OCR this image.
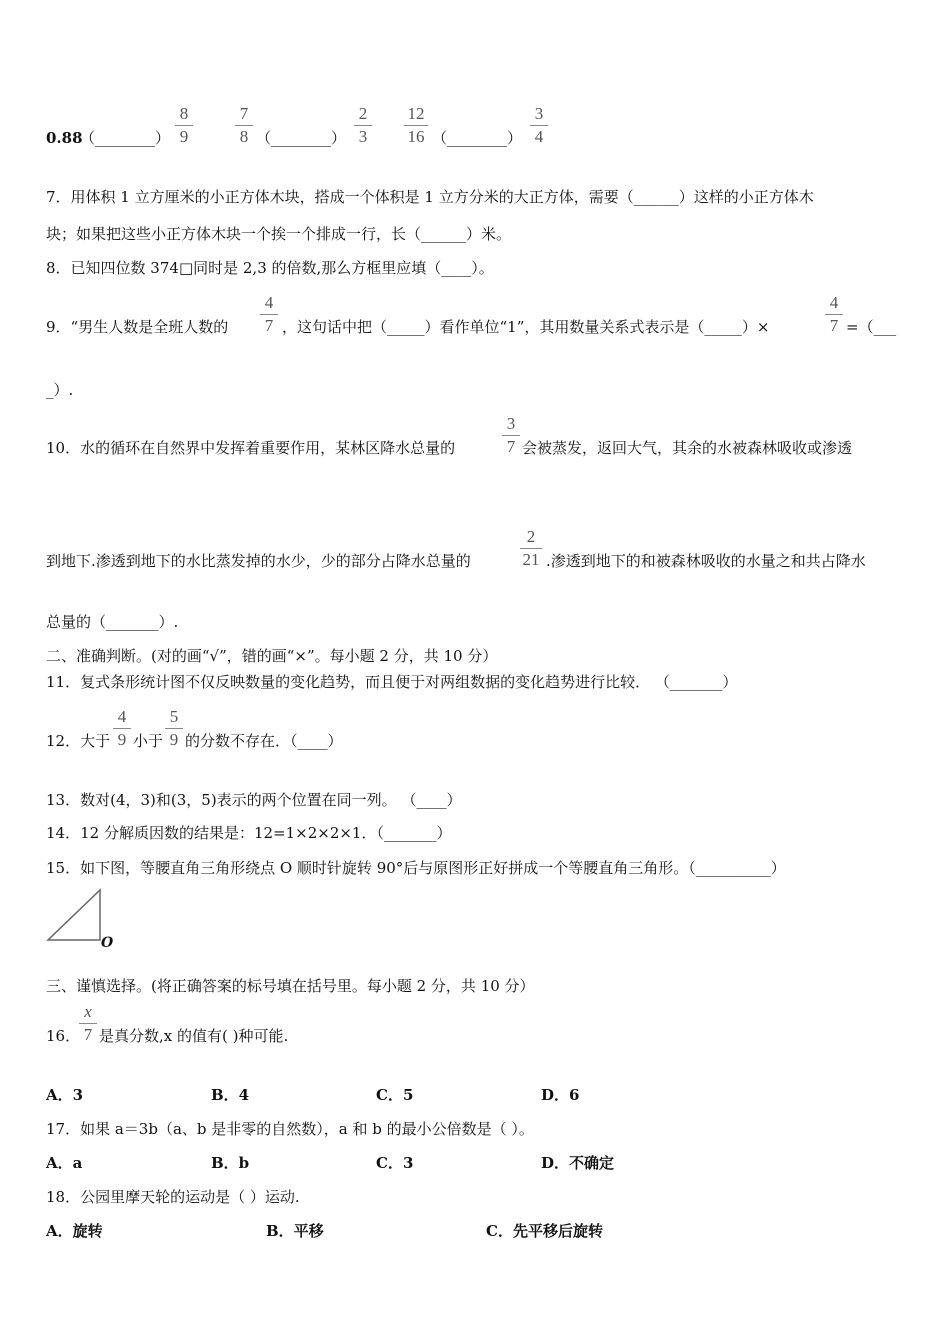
0.88
（________）
8
9
7
8 （________）
2
3
12
16 （________）
3
4
7．用体积 1 立方厘米的小正方体木块，搭成一个体积是 1 立方分米的大正方体，需要（______）这样的小正方体木
块；如果把这些小正方体木块一个挨一个排成一行，长（______）米。
8．已知四位数 374□同时是 2,3 的倍数,那么方框里应填（____）。
9．“男生人数是全班人数的
4
7 ，这句话中把（_____）看作单位“1”，其用数量关系式表示是（_____）×
4
7 =（___
_）.
10．水的循环在自然界中发挥着重要作用，某林区降水总量的
3
7 会被蒸发，返回大气，其余的水被森林吸收或渗透
到地下.渗透到地下的水比蒸发掉的水少，少的部分占降水总量的
2
21 .渗透到地下的和被森林吸收的水量之和共占降水
总量的（_______）.
二、准确判断。(对的画“√”，错的画“×”。每小题 2 分，共 10 分）
11．复式条形统计图不仅反映数量的变化趋势，而且便于对两组数据的变化趋势进行比较． （_______）
12．大于
4
9 小于
5
9 的分数不存在．（____）
13．数对(4，3)和(3，5)表示的两个位置在同一列。 （____）
14．12 分解质因数的结果是：12=1×2×2×1．（_______）
15．如下图，等腰直角三角形绕点 O 顺时针旋转 90°后与原图形正好拼成一个等腰直角三角形。（__________）
O
三、谨慎选择。(将正确答案的标号填在括号里。每小题 2 分，共 10 分）
16．
x
7 是真分数,x 的值有( )种可能.
A．3	B．4	C．5	D．6
17．如果 a＝3b（a、b 是非零的自然数），a 和 b 的最小公倍数是（ ）。
A．a	B．b	C．3	D．不确定
18．公园里摩天轮的运动是（ ）运动.
A．旋转	B．平移	C．先平移后旋转
